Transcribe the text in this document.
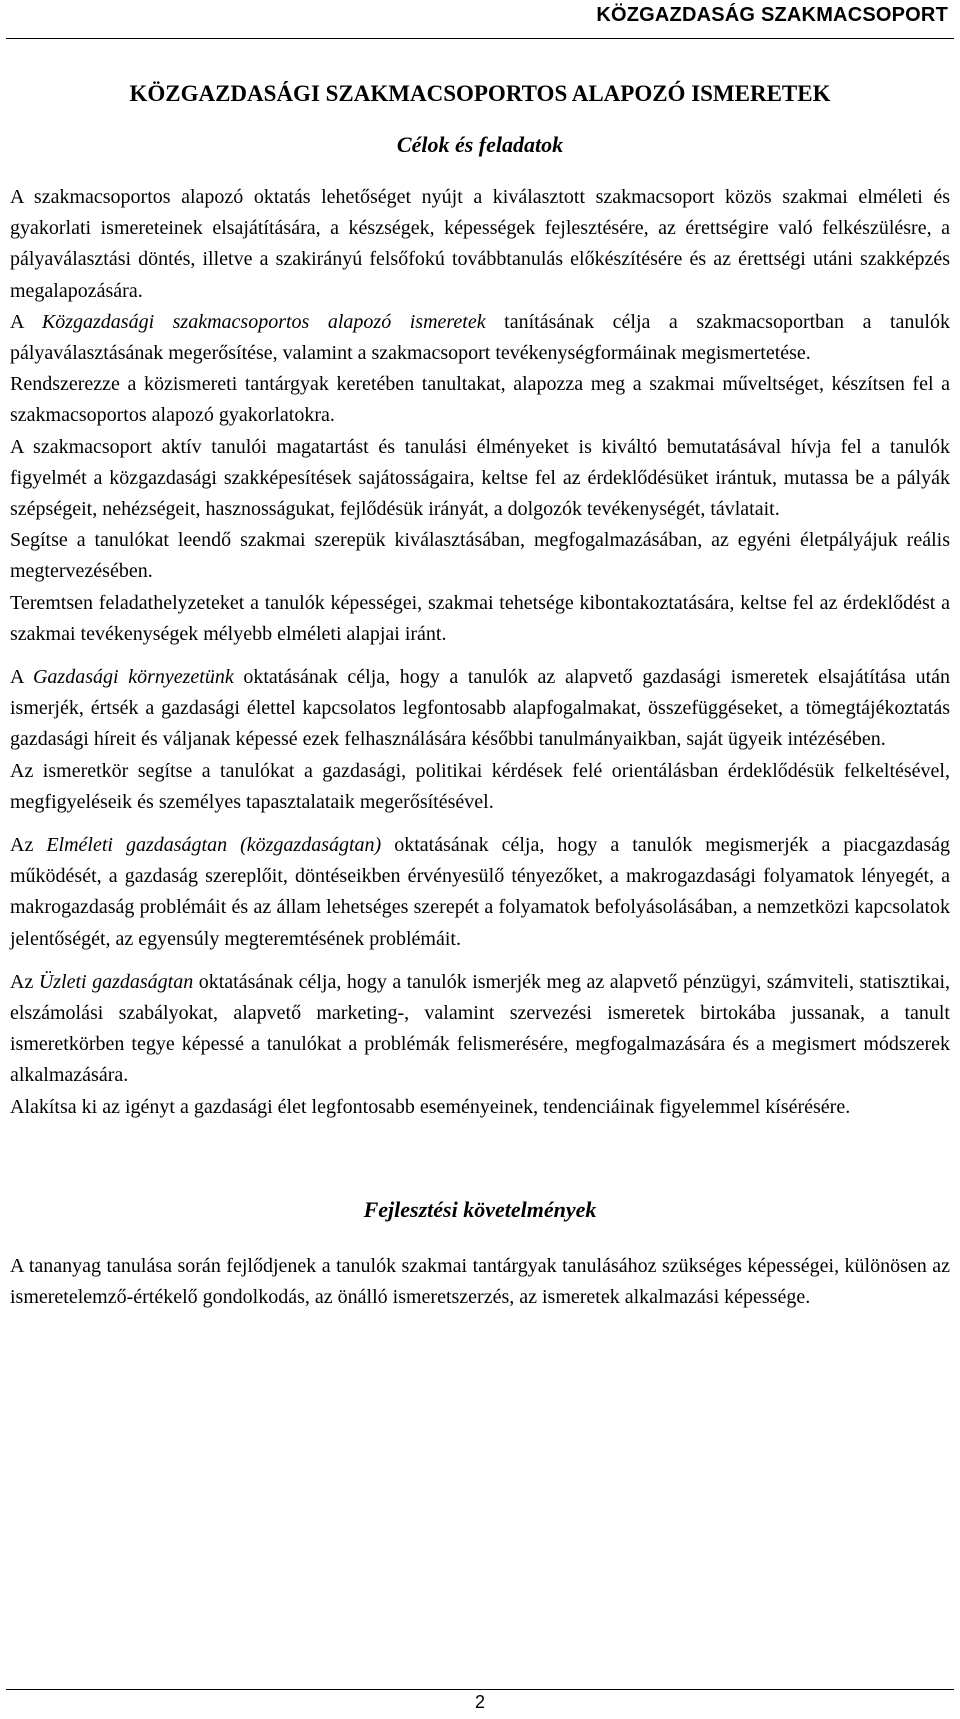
KÖZGAZDASÁG SZAKMACSOPORT
KÖZGAZDASÁGI SZAKMACSOPORTOS ALAPOZÓ ISMERETEK
Célok és feladatok

A szakmacsoportos alapozó oktatás lehetőséget nyújt a kiválasztott szakmacsoport közös szakmai elméleti és gyakorlati ismereteinek elsajátítására, a készségek, képességek fejlesztésére, az érettségire való felkészülésre, a pályaválasztási döntés, illetve a szakirányú felsőfokú továbbtanulás előkészítésére és az érettségi utáni szakképzés megalapozására.

A Közgazdasági szakmacsoportos alapozó ismeretek tanításának célja a szakmacsoportban a tanulók pályaválasztásának megerősítése, valamint a szakmacsoport tevékenységformáinak megismertetése.

Rendszerezze a közismereti tantárgyak keretében tanultakat, alapozza meg a szakmai műveltséget, készítsen fel a szakmacsoportos alapozó gyakorlatokra.

A szakmacsoport aktív tanulói magatartást és tanulási élményeket is kiváltó bemutatásával hívja fel a tanulók figyelmét a közgazdasági szakképesítések sajátosságaira, keltse fel az érdeklődésüket irántuk, mutassa be a pályák szépségeit, nehézségeit, hasznosságukat, fejlődésük irányát, a dolgozók tevékenységét, távlatait.

Segítse a tanulókat leendő szakmai szerepük kiválasztásában, megfogalmazásában, az egyéni életpályájuk reális megtervezésében.

Teremtsen feladathelyzeteket a tanulók képességei, szakmai tehetsége kibontakoztatására, keltse fel az érdeklődést a szakmai tevékenységek mélyebb elméleti alapjai iránt.

A Gazdasági környezetünk oktatásának célja, hogy a tanulók az alapvető gazdasági ismeretek elsajátítása után ismerjék, értsék a gazdasági élettel kapcsolatos legfontosabb alapfogalmakat, összefüggéseket, a tömegtájékoztatás gazdasági híreit és váljanak képessé ezek felhasználására későbbi tanulmányaikban, saját ügyeik intézésében.

Az ismeretkör segítse a tanulókat a gazdasági, politikai kérdések felé orientálásban érdeklődésük felkeltésével, megfigyeléseik és személyes tapasztalataik megerősítésével.

Az Elméleti gazdaságtan (közgazdaságtan) oktatásának célja, hogy a tanulók megismerjék a piacgazdaság működését, a gazdaság szereplőit, döntéseikben érvényesülő tényezőket, a makrogazdasági folyamatok lényegét, a makrogazdaság problémáit és az állam lehetséges szerepét a folyamatok befolyásolásában, a nemzetközi kapcsolatok jelentőségét, az egyensúly megteremtésének problémáit.

Az Üzleti gazdaságtan oktatásának célja, hogy a tanulók ismerjék meg az alapvető pénzügyi, számviteli, statisztikai, elszámolási szabályokat, alapvető marketing-, valamint szervezési ismeretek birtokába jussanak, a tanult ismeretkörben tegye képessé a tanulókat a problémák felismerésére, megfogalmazására és a megismert módszerek alkalmazására.

Alakítsa ki az igényt a gazdasági élet legfontosabb eseményeinek, tendenciáinak figyelemmel kísérésére.

Fejlesztési követelmények

A tananyag tanulása során fejlődjenek a tanulók szakmai tantárgyak tanulásához szükséges képességei, különösen az ismeretelemző-értékelő gondolkodás, az önálló ismeretszerzés, az ismeretek alkalmazási képessége.

2
